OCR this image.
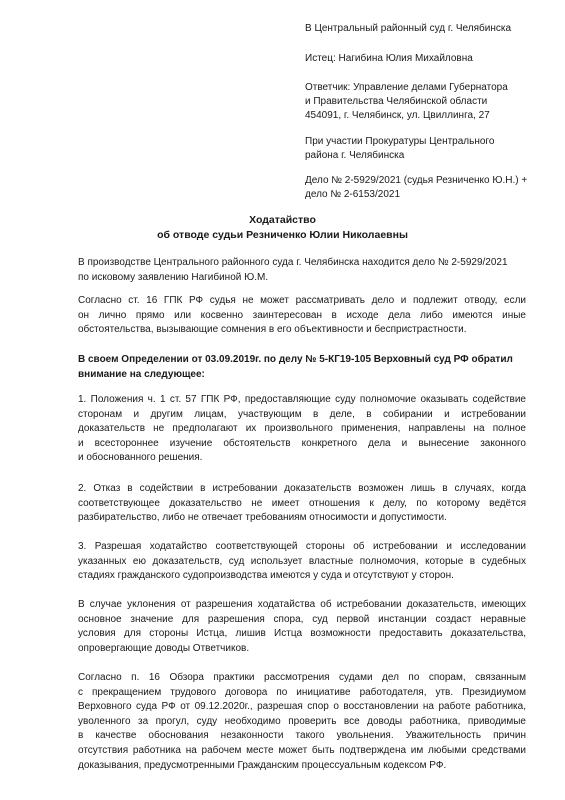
В Центральный районный суд г. Челябинска
Истец: Нагибина Юлия Михайловна
Ответчик: Управление делами Губернатора
и Правительства Челябинской области
454091, г. Челябинск, ул. Цвиллинга, 27
При участии Прокуратуры Центрального
района г. Челябинска
Дело № 2-5929/2021 (судья Резниченко Ю.Н.) +
дело № 2-6153/2021
Ходатайство
об отводе судьи Резниченко Юлии Николаевны
В производстве Центрального районного суда г. Челябинска находится дело № 2-5929/2021
по исковому заявлению Нагибиной Ю.М.
Согласно ст. 16 ГПК РФ судья не может рассматривать дело и подлежит отводу, если
он лично прямо или косвенно заинтересован в исходе дела либо имеются иные
обстоятельства, вызывающие сомнения в его объективности и беспристрастности.
В своем Определении от 03.09.2019г. по делу № 5-КГ19-105 Верховный суд РФ обратил
внимание на следующее:
1. Положения ч. 1 ст. 57 ГПК РФ, предоставляющие суду полномочие оказывать содействие
сторонам и другим лицам, участвующим в деле, в собирании и истребовании
доказательств не предполагают их произвольного применения, направлены на полное
и всестороннее изучение обстоятельств конкретного дела и вынесение законного
и обоснованного решения.
2. Отказ в содействии в истребовании доказательств возможен лишь в случаях, когда
соответствующее доказательство не имеет отношения к делу, по которому ведётся
разбирательство, либо не отвечает требованиям относимости и допустимости.
3. Разрешая ходатайство соответствующей стороны об истребовании и исследовании
указанных ею доказательств, суд использует властные полномочия, которые в судебных
стадиях гражданского судопроизводства имеются у суда и отсутствуют у сторон.
В случае уклонения от разрешения ходатайства об истребовании доказательств, имеющих
основное значение для разрешения спора, суд первой инстанции создаст неравные
условия для стороны Истца, лишив Истца возможности предоставить доказательства,
опровергающие доводы Ответчиков.
Согласно п. 16 Обзора практики рассмотрения судами дел по спорам, связанным
с прекращением трудового договора по инициативе работодателя, утв. Президиумом
Верховного суда РФ от 09.12.2020г., разрешая спор о восстановлении на работе работника,
уволенного за прогул, суду необходимо проверить все доводы работника, приводимые
в качестве обоснования незаконности такого увольнения. Уважительность причин
отсутствия работника на рабочем месте может быть подтверждена им любыми средствами
доказывания, предусмотренными Гражданским процессуальным кодексом РФ.
